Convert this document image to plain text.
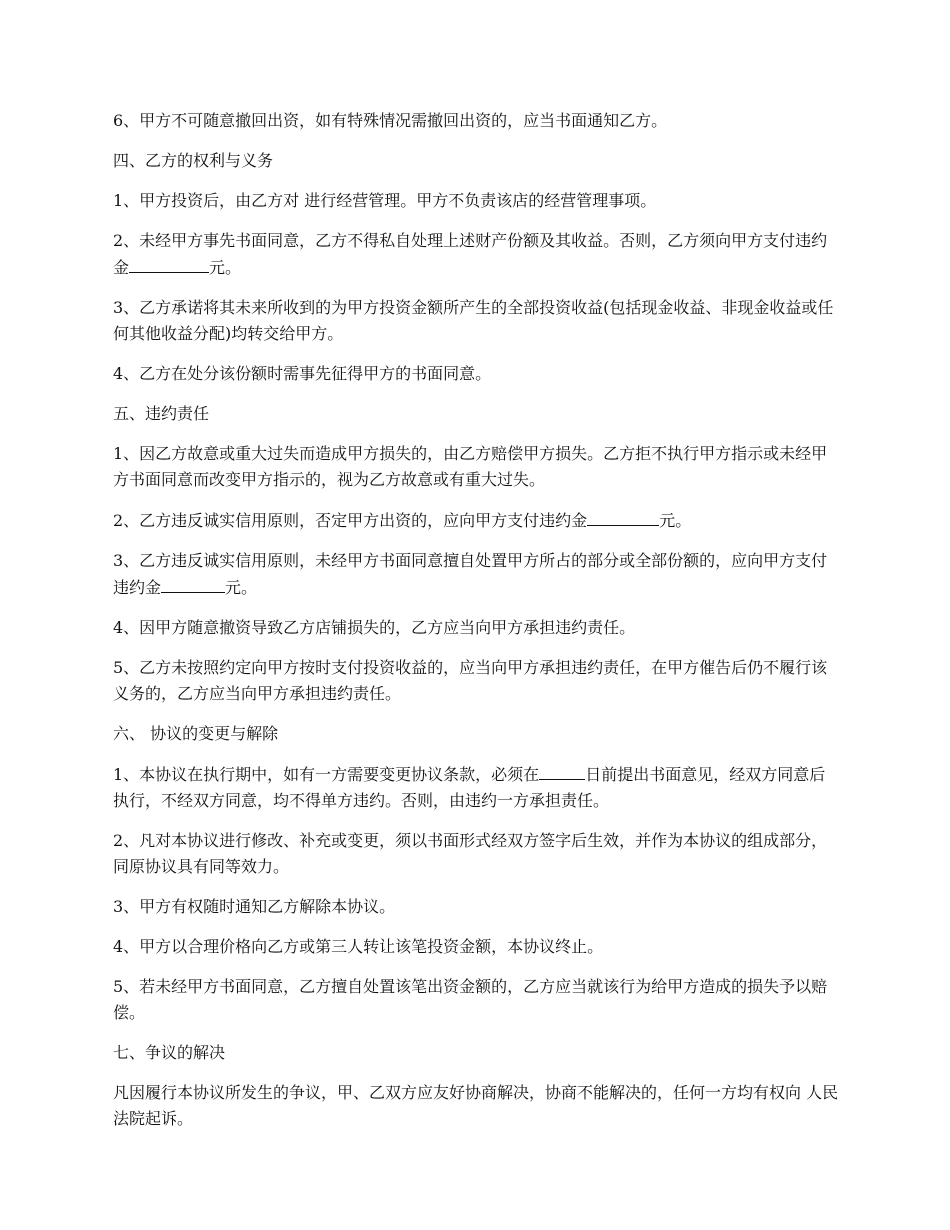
6、甲方不可随意撤回出资，如有特殊情况需撤回出资的，应当书面通知乙方。

四、乙方的权利与义务

1、甲方投资后，由乙方对 进行经营管理。甲方不负责该店的经营管理事项。

2、未经甲方事先书面同意，乙方不得私自处理上述财产份额及其收益。否则，乙方须向甲方支付违约金	元。

3、乙方承诺将其未来所收到的为甲方投资金额所产生的全部投资收益(包括现金收益、非现金收益或任何其他收益分配)均转交给甲方。

4、乙方在处分该份额时需事先征得甲方的书面同意。

五、违约责任

1、因乙方故意或重大过失而造成甲方损失的，由乙方赔偿甲方损失。乙方拒不执行甲方指示或未经甲方书面同意而改变甲方指示的，视为乙方故意或有重大过失。

2、乙方违反诚实信用原则，否定甲方出资的，应向甲方支付违约金	元。

3、乙方违反诚实信用原则，未经甲方书面同意擅自处置甲方所占的部分或全部份额的，应向甲方支付违约金	元。

4、因甲方随意撤资导致乙方店铺损失的，乙方应当向甲方承担违约责任。

5、乙方未按照约定向甲方按时支付投资收益的，应当向甲方承担违约责任，在甲方催告后仍不履行该义务的，乙方应当向甲方承担违约责任。

六、 协议的变更与解除

1、本协议在执行期中，如有一方需要变更协议条款，必须在	日前提出书面意见，经双方同意后执行，不经双方同意，均不得单方违约。否则，由违约一方承担责任。

2、凡对本协议进行修改、补充或变更，须以书面形式经双方签字后生效，并作为本协议的组成部分，同原协议具有同等效力。

3、甲方有权随时通知乙方解除本协议。

4、甲方以合理价格向乙方或第三人转让该笔投资金额，本协议终止。

5、若未经甲方书面同意，乙方擅自处置该笔出资金额的，乙方应当就该行为给甲方造成的损失予以赔偿。

七、争议的解决

凡因履行本协议所发生的争议，甲、乙双方应友好协商解决，协商不能解决的，任何一方均有权向 人民法院起诉。
